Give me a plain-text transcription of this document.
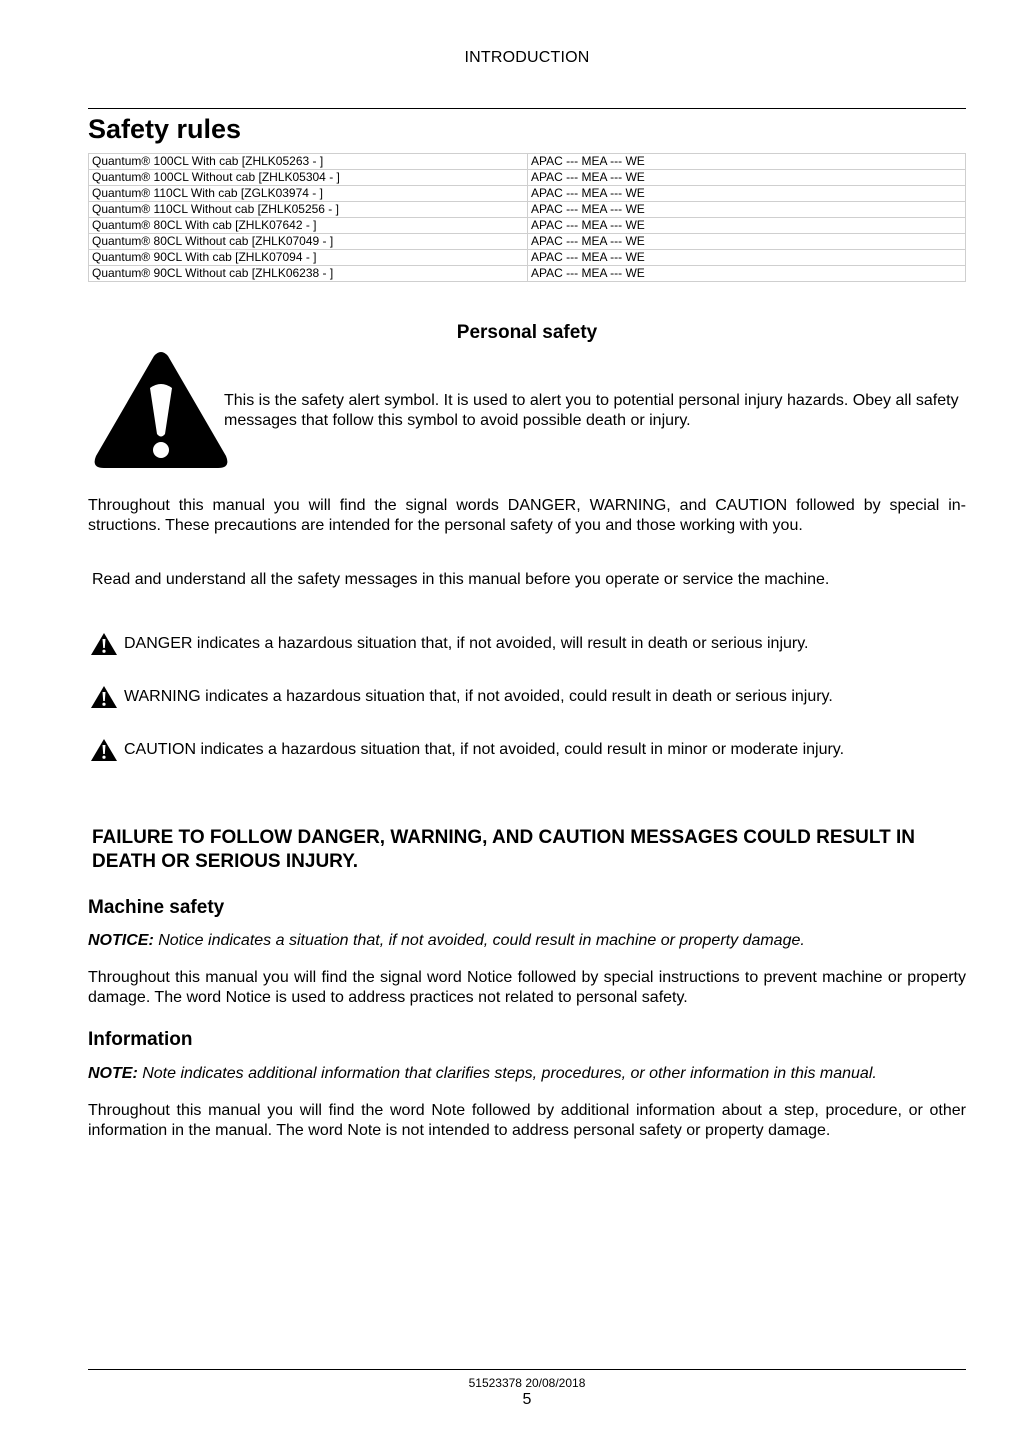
INTRODUCTION
Safety rules
Quantum® 100CL With cab [ZHLK05263 - ]	APAC --- MEA --- WE
Quantum® 100CL Without cab [ZHLK05304 - ]	APAC --- MEA --- WE
Quantum® 110CL With cab [ZGLK03974 - ]	APAC --- MEA --- WE
Quantum® 110CL Without cab [ZHLK05256 - ]	APAC --- MEA --- WE
Quantum® 80CL With cab [ZHLK07642 - ]	APAC --- MEA --- WE
Quantum® 80CL Without cab [ZHLK07049 - ]	APAC --- MEA --- WE
Quantum® 90CL With cab [ZHLK07094 - ]	APAC --- MEA --- WE
Quantum® 90CL Without cab [ZHLK06238 - ]	APAC --- MEA --- WE
Personal safety
This is the safety alert symbol. It is used to alert you to potential personal injury hazards. Obey all safety messages that follow this symbol to avoid possible death or injury.

Throughout this manual you will find the signal words DANGER, WARNING, and CAUTION followed by special in-structions. These precautions are intended for the personal safety of you and those working with you.

Read and understand all the safety messages in this manual before you operate or service the machine.

DANGER indicates a hazardous situation that, if not avoided, will result in death or serious injury.
WARNING indicates a hazardous situation that, if not avoided, could result in death or serious injury.
CAUTION indicates a hazardous situation that, if not avoided, could result in minor or moderate injury.

FAILURE TO FOLLOW DANGER, WARNING, AND CAUTION MESSAGES COULD RESULT IN DEATH OR SERIOUS INJURY.

Machine safety

NOTICE: Notice indicates a situation that, if not avoided, could result in machine or property damage.

Throughout this manual you will find the signal word Notice followed by special instructions to prevent machine or property damage. The word Notice is used to address practices not related to personal safety.

Information

NOTE: Note indicates additional information that clarifies steps, procedures, or other information in this manual.

Throughout this manual you will find the word Note followed by additional information about a step, procedure, or other information in the manual. The word Note is not intended to address personal safety or property damage.

51523378 20/08/2018
5
